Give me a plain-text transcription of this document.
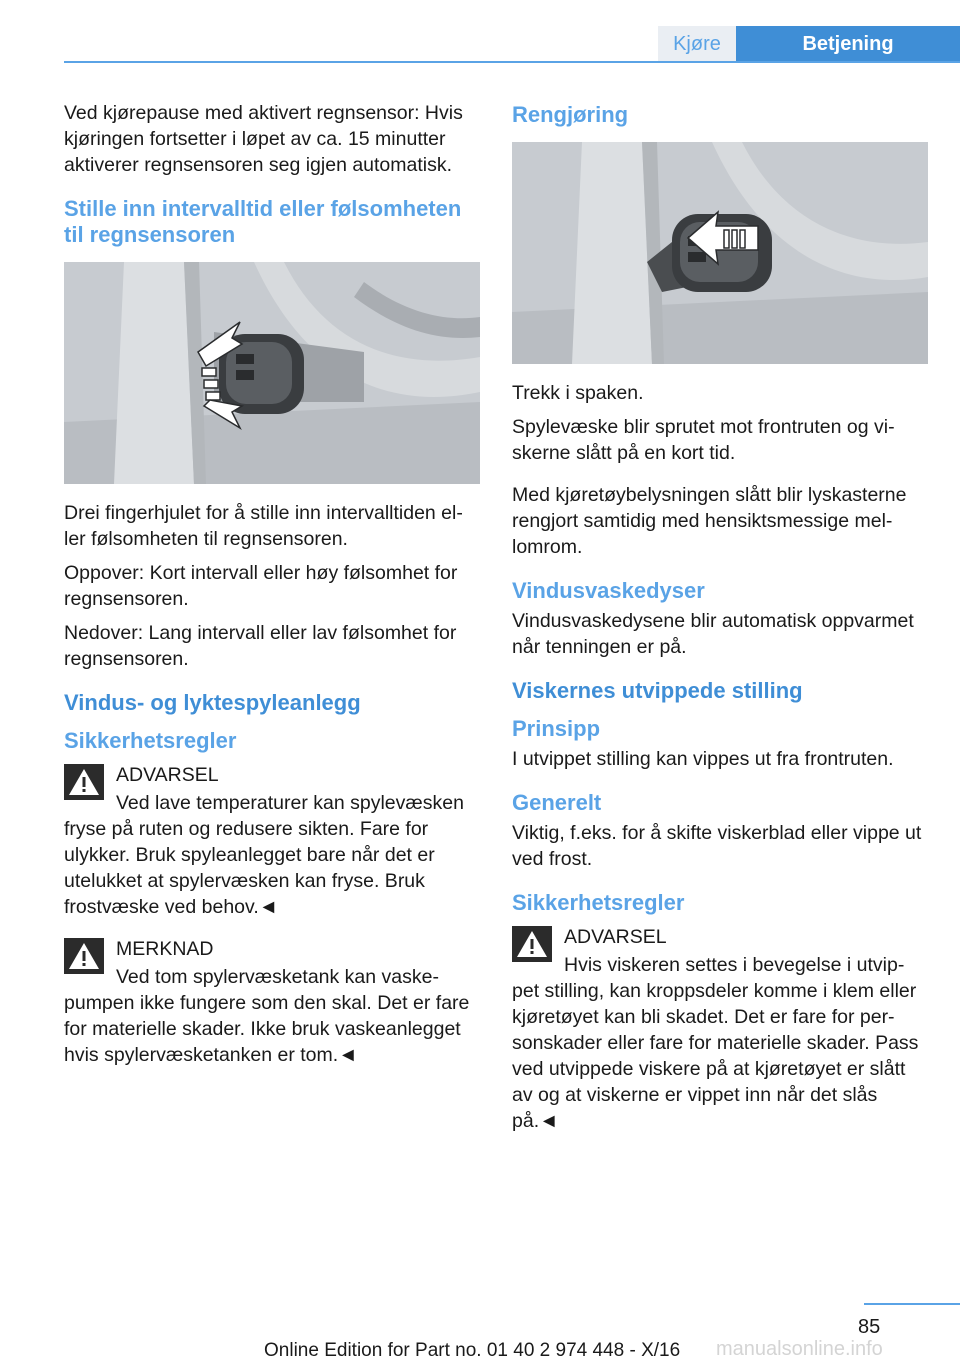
Kjøre	Betjening

Ved kjørepause med aktivert regnsensor: Hvis kjøringen fortsetter i løpet av ca. 15 minutter aktiverer regnsensoren seg igjen automatisk.

Stille inn intervalltid eller følsomheten til regnsensoren

Drei fingerhjulet for å stille inn intervalltiden el‐ler følsomheten til regnsensoren.

Oppover: Kort intervall eller høy følsomhet for regnsensoren.

Nedover: Lang intervall eller lav følsomhet for regnsensoren.

Vindus- og lyktespyleanlegg
Sikkerhetsregler

ADVARSEL

Ved lave temperaturer kan spylevæsken fryse på ruten og redusere sikten. Fare for ulykker. Bruk spyleanlegget bare når det er utelukket at spylervæsken kan fryse. Bruk frostvæske ved behov.◄

MERKNAD

Ved tom spylervæsketank kan vaske‐pumpen ikke fungere som den skal. Det er fare for materielle skader. Ikke bruk vaskeanlegget hvis spylervæsketanken er tom.◄

Rengjøring

Trekk i spaken.

Spylevæske blir sprutet mot frontruten og vi‐skerne slått på en kort tid.

Med kjøretøybelysningen slått blir lyskasterne rengjort samtidig med hensiktsmessige mel‐lomrom.

Vindusvaskedyser

Vindusvaskedysene blir automatisk oppvarmet når tenningen er på.

Viskernes utvippede stilling
Prinsipp

I utvippet stilling kan vippes ut fra frontruten.

Generelt

Viktig, f.eks. for å skifte viskerblad eller vippe ut ved frost.

Sikkerhetsregler

ADVARSEL

Hvis viskeren settes i bevegelse i utvip‐pet stilling, kan kroppsdeler komme i klem eller kjøretøyet kan bli skadet. Det er fare for per‐sonskader eller fare for materielle skader. Pass ved utvippede viskere på at kjøretøyet er slått av og at viskerne er vippet inn når det slås på.◄

85
Online Edition for Part no. 01 40 2 974 448 - X/16 manualsonline.info
